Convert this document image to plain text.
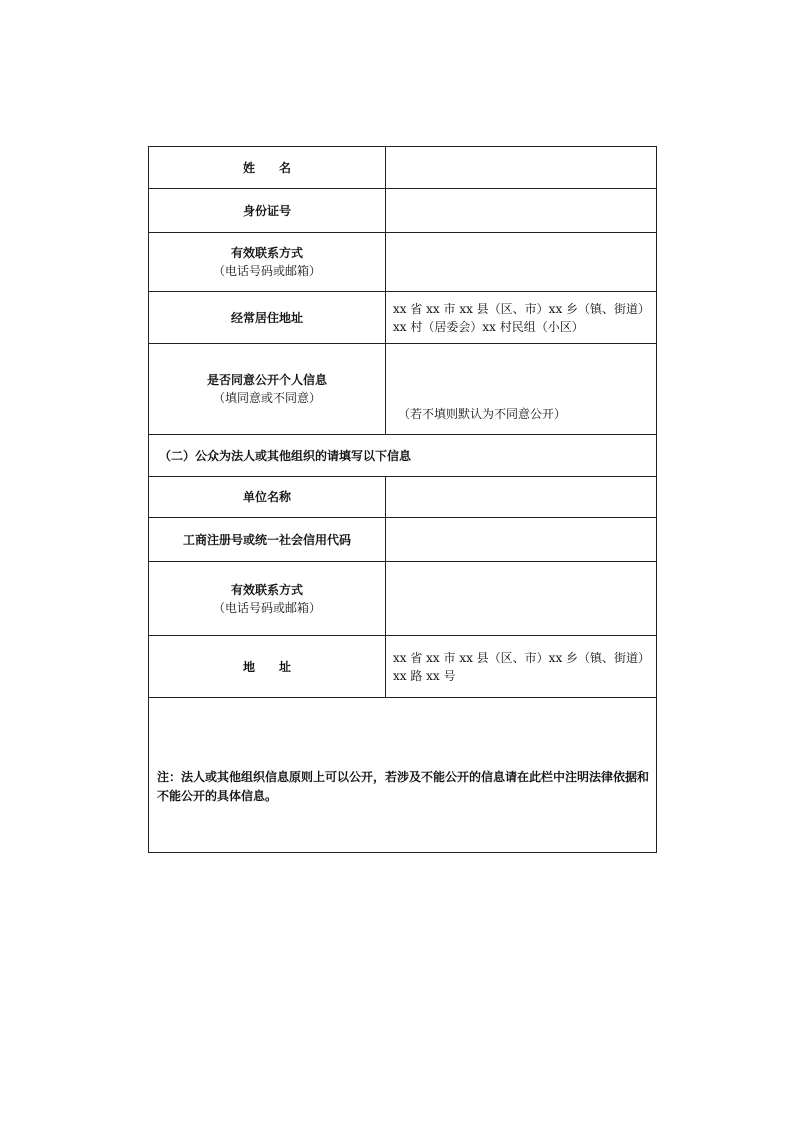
姓　　名
身份证号
有效联系方式
（电话号码或邮箱）
经常居住地址
xx 省 xx 市 xx 县（区、市）xx 乡（镇、街道）
xx 村（居委会）xx 村民组（小区）
是否同意公开个人信息
（填同意或不同意）
（若不填则默认为不同意公开）
（二）公众为法人或其他组织的请填写以下信息
单位名称
工商注册号或统一社会信用代码
有效联系方式
（电话号码或邮箱）
地　　址
xx 省 xx 市 xx 县（区、市）xx 乡（镇、街道）
xx 路 xx 号
注：法人或其他组织信息原则上可以公开，若涉及不能公开的信息请在此栏中注明法律依据和不能公开的具体信息。
